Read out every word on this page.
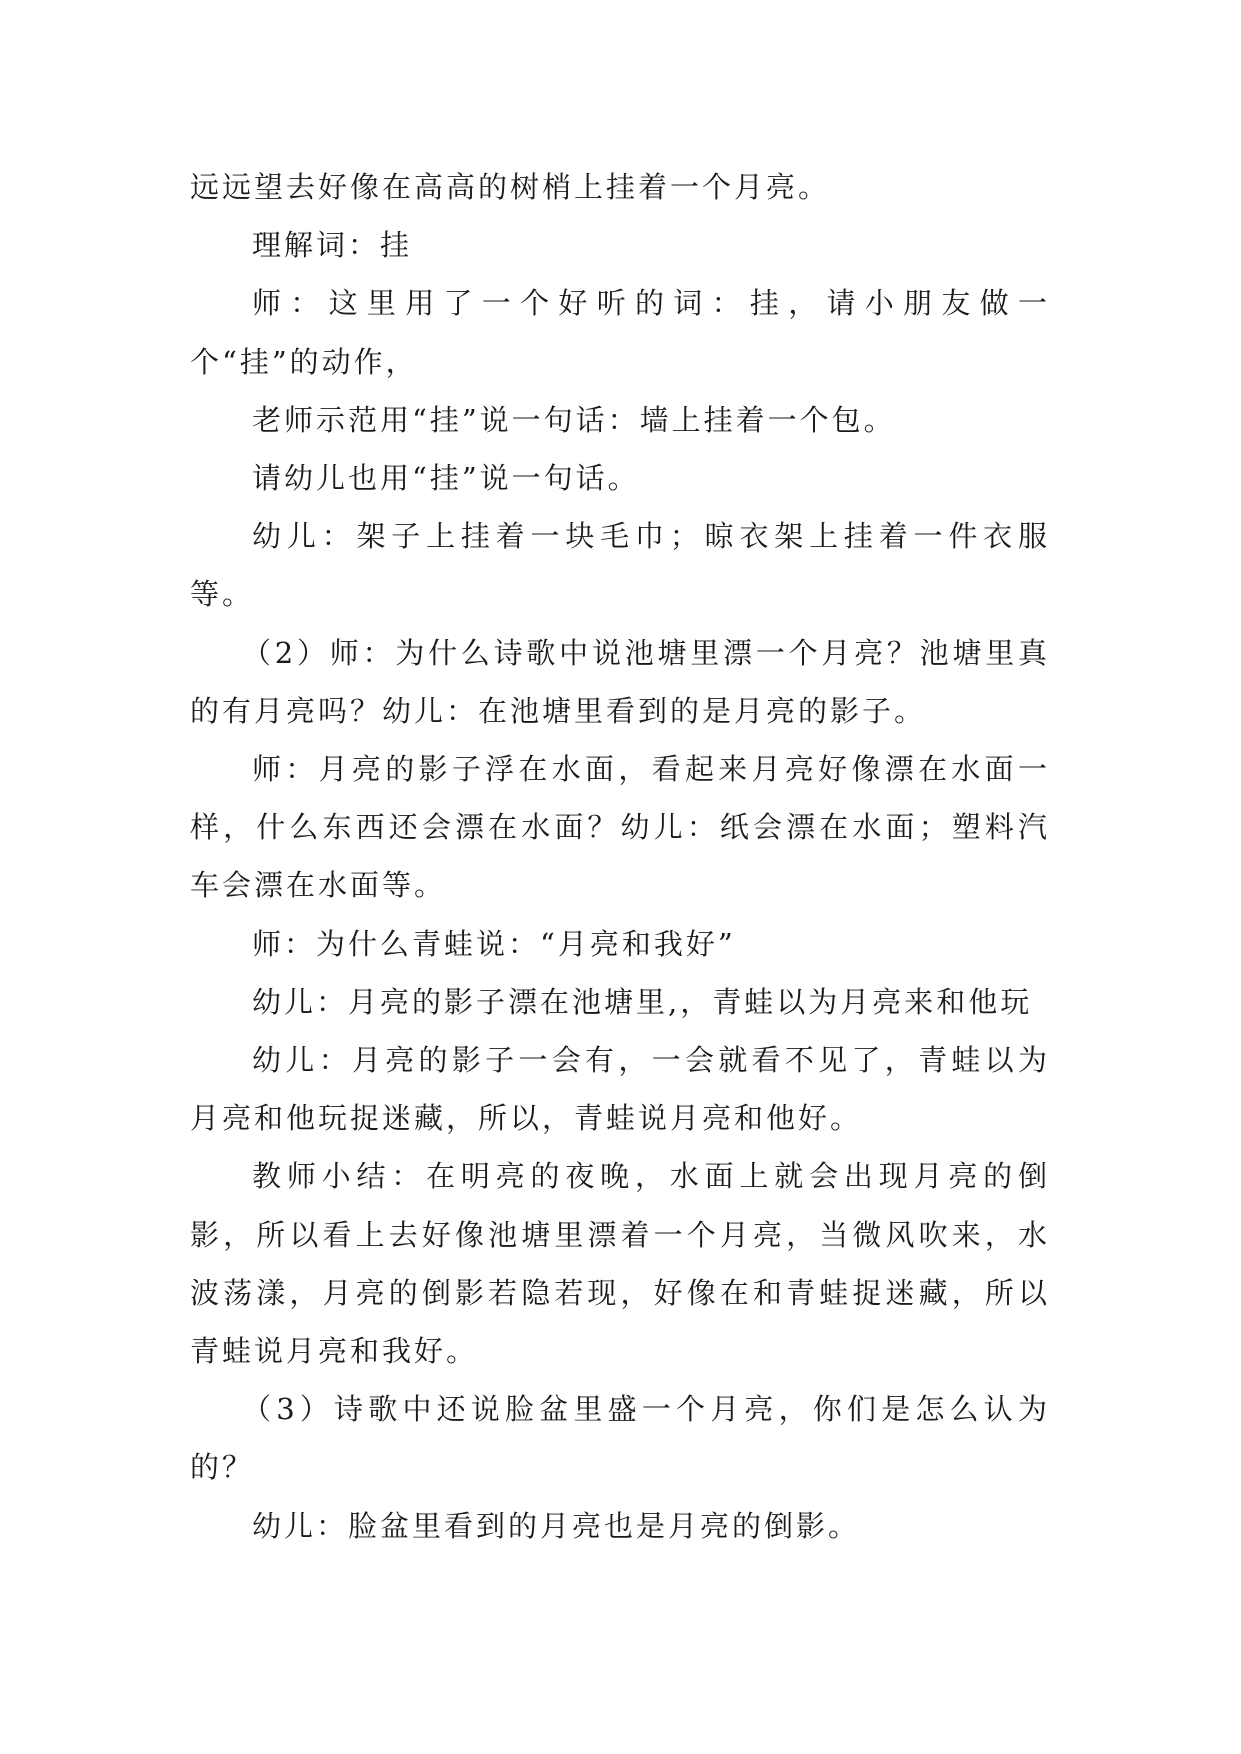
远远望去好像在高高的树梢上挂着一个月亮。

理解词：挂

师：这里用了一个好听的词：挂，请小朋友做一个“挂”的动作，

老师示范用“挂”说一句话：墙上挂着一个包。

请幼儿也用“挂”说一句话。

幼儿：架子上挂着一块毛巾；晾衣架上挂着一件衣服等。

（2）师：为什么诗歌中说池塘里漂一个月亮？池塘里真的有月亮吗？幼儿：在池塘里看到的是月亮的影子。

师：月亮的影子浮在水面，看起来月亮好像漂在水面一样，什么东西还会漂在水面？幼儿：纸会漂在水面；塑料汽车会漂在水面等。

师：为什么青蛙说：“月亮和我好”

幼儿：月亮的影子漂在池塘里,，青蛙以为月亮来和他玩

幼儿：月亮的影子一会有，一会就看不见了，青蛙以为月亮和他玩捉迷藏，所以，青蛙说月亮和他好。

教师小结：在明亮的夜晚，水面上就会出现月亮的倒影，所以看上去好像池塘里漂着一个月亮，当微风吹来，水波荡漾，月亮的倒影若隐若现，好像在和青蛙捉迷藏，所以青蛙说月亮和我好。

（3）诗歌中还说脸盆里盛一个月亮，你们是怎么认为的？

幼儿：脸盆里看到的月亮也是月亮的倒影。
